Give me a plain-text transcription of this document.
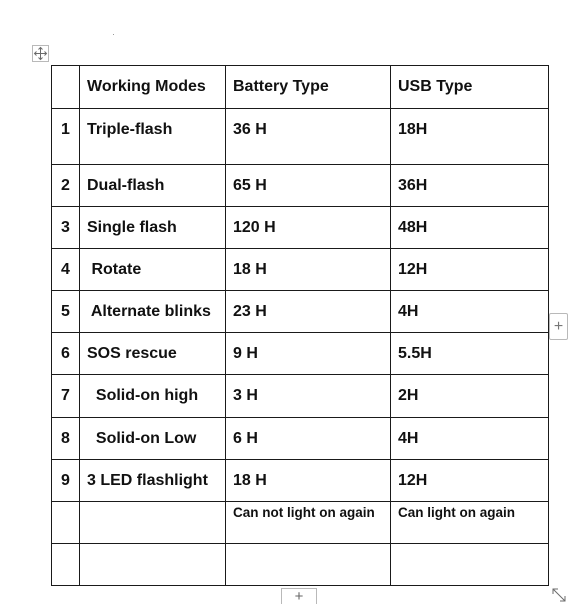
	Working Modes	Battery Type	USB Type
1	Triple-flash	36 H	18H
2	Dual-flash	65 H	36H
3	Single flash	120 H	48H
4	Rotate	18 H	12H
5	Alternate blinks	23 H	4H
6	SOS rescue	9 H	5.5H
7	Solid-on high	3 H	2H
8	Solid-on Low	6 H	4H
9	3 LED flashlight	18 H	12H
		Can not light on again	Can light on again

+
+
